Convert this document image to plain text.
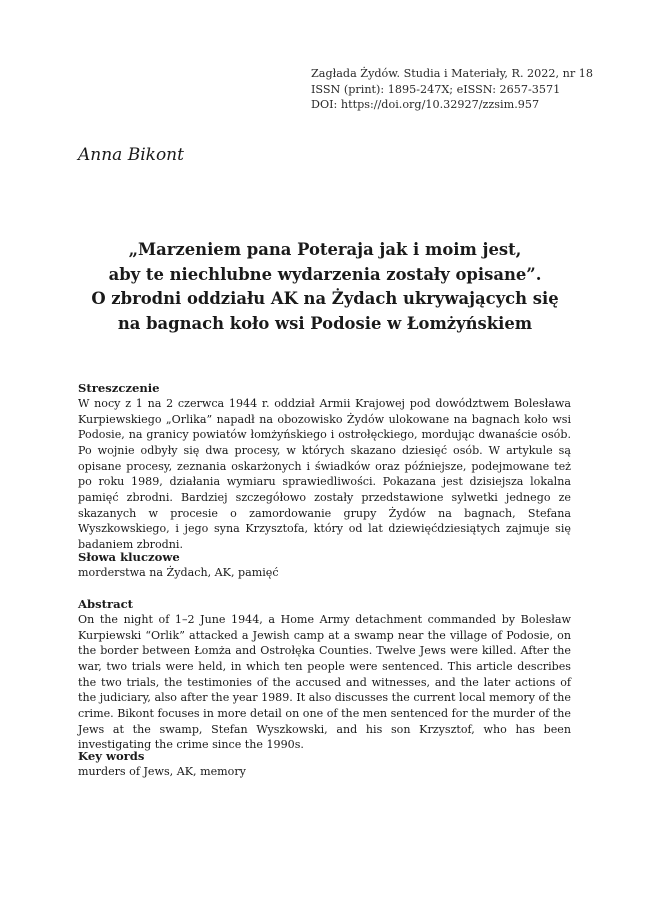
Zagłada Żydów. Studia i Materiały, R. 2022, nr 18
ISSN (print): 1895-247X; eISSN: 2657-3571
DOI: https://doi.org/10.32927/zzsim.957
Anna Bikont
„Marzeniem pana Poteraja jak i moim jest,
aby te niechlubne wydarzenia zostały opisane”.
O zbrodni oddziału AK na Żydach ukrywających się
na bagnach koło wsi Podosie w Łomżyńskiem
Streszczenie
W nocy z 1 na 2 czerwca 1944 r. oddział Armii Krajowej pod dowództwem Bolesława Kurpiewskiego „Orlika” napadł na obozowisko Żydów ulokowane na bagnach koło wsi Podosie, na granicy powiatów łomżyńskiego i ostrołęckiego, mordując dwanaście osób. Po wojnie odbyły się dwa procesy, w których skazano dziesięć osób. W artykule są opisane procesy, zeznania oskarżonych i świadków oraz późniejsze, podejmowane też po roku 1989, działania wymiaru sprawiedliwości. Pokazana jest dzisiejsza lokalna pamięć zbrodni. Bardziej szczegółowo zostały przedstawione sylwetki jednego ze skazanych w procesie o zamordowanie grupy Żydów na bagnach, Stefana Wyszkowskiego, i jego syna Krzysztofa, który od lat dziewięćdziesiątych zajmuje się badaniem zbrodni.
Słowa kluczowe
morderstwa na Żydach, AK, pamięć
Abstract
On the night of 1–2 June 1944, a Home Army detachment commanded by Bolesław Kurpiewski “Orlik” attacked a Jewish camp at a swamp near the village of Podosie, on the border between Łomża and Ostrołęka Counties. Twelve Jews were killed. After the war, two trials were held, in which ten people were sentenced. This article describes the two trials, the testimonies of the accused and witnesses, and the later actions of the judiciary, also after the year 1989. It also discusses the current local memory of the crime. Bikont focuses in more detail on one of the men sentenced for the murder of the Jews at the swamp, Stefan Wyszkowski, and his son Krzysztof, who has been investigating the crime since the 1990s.
Key words
murders of Jews, AK, memory
